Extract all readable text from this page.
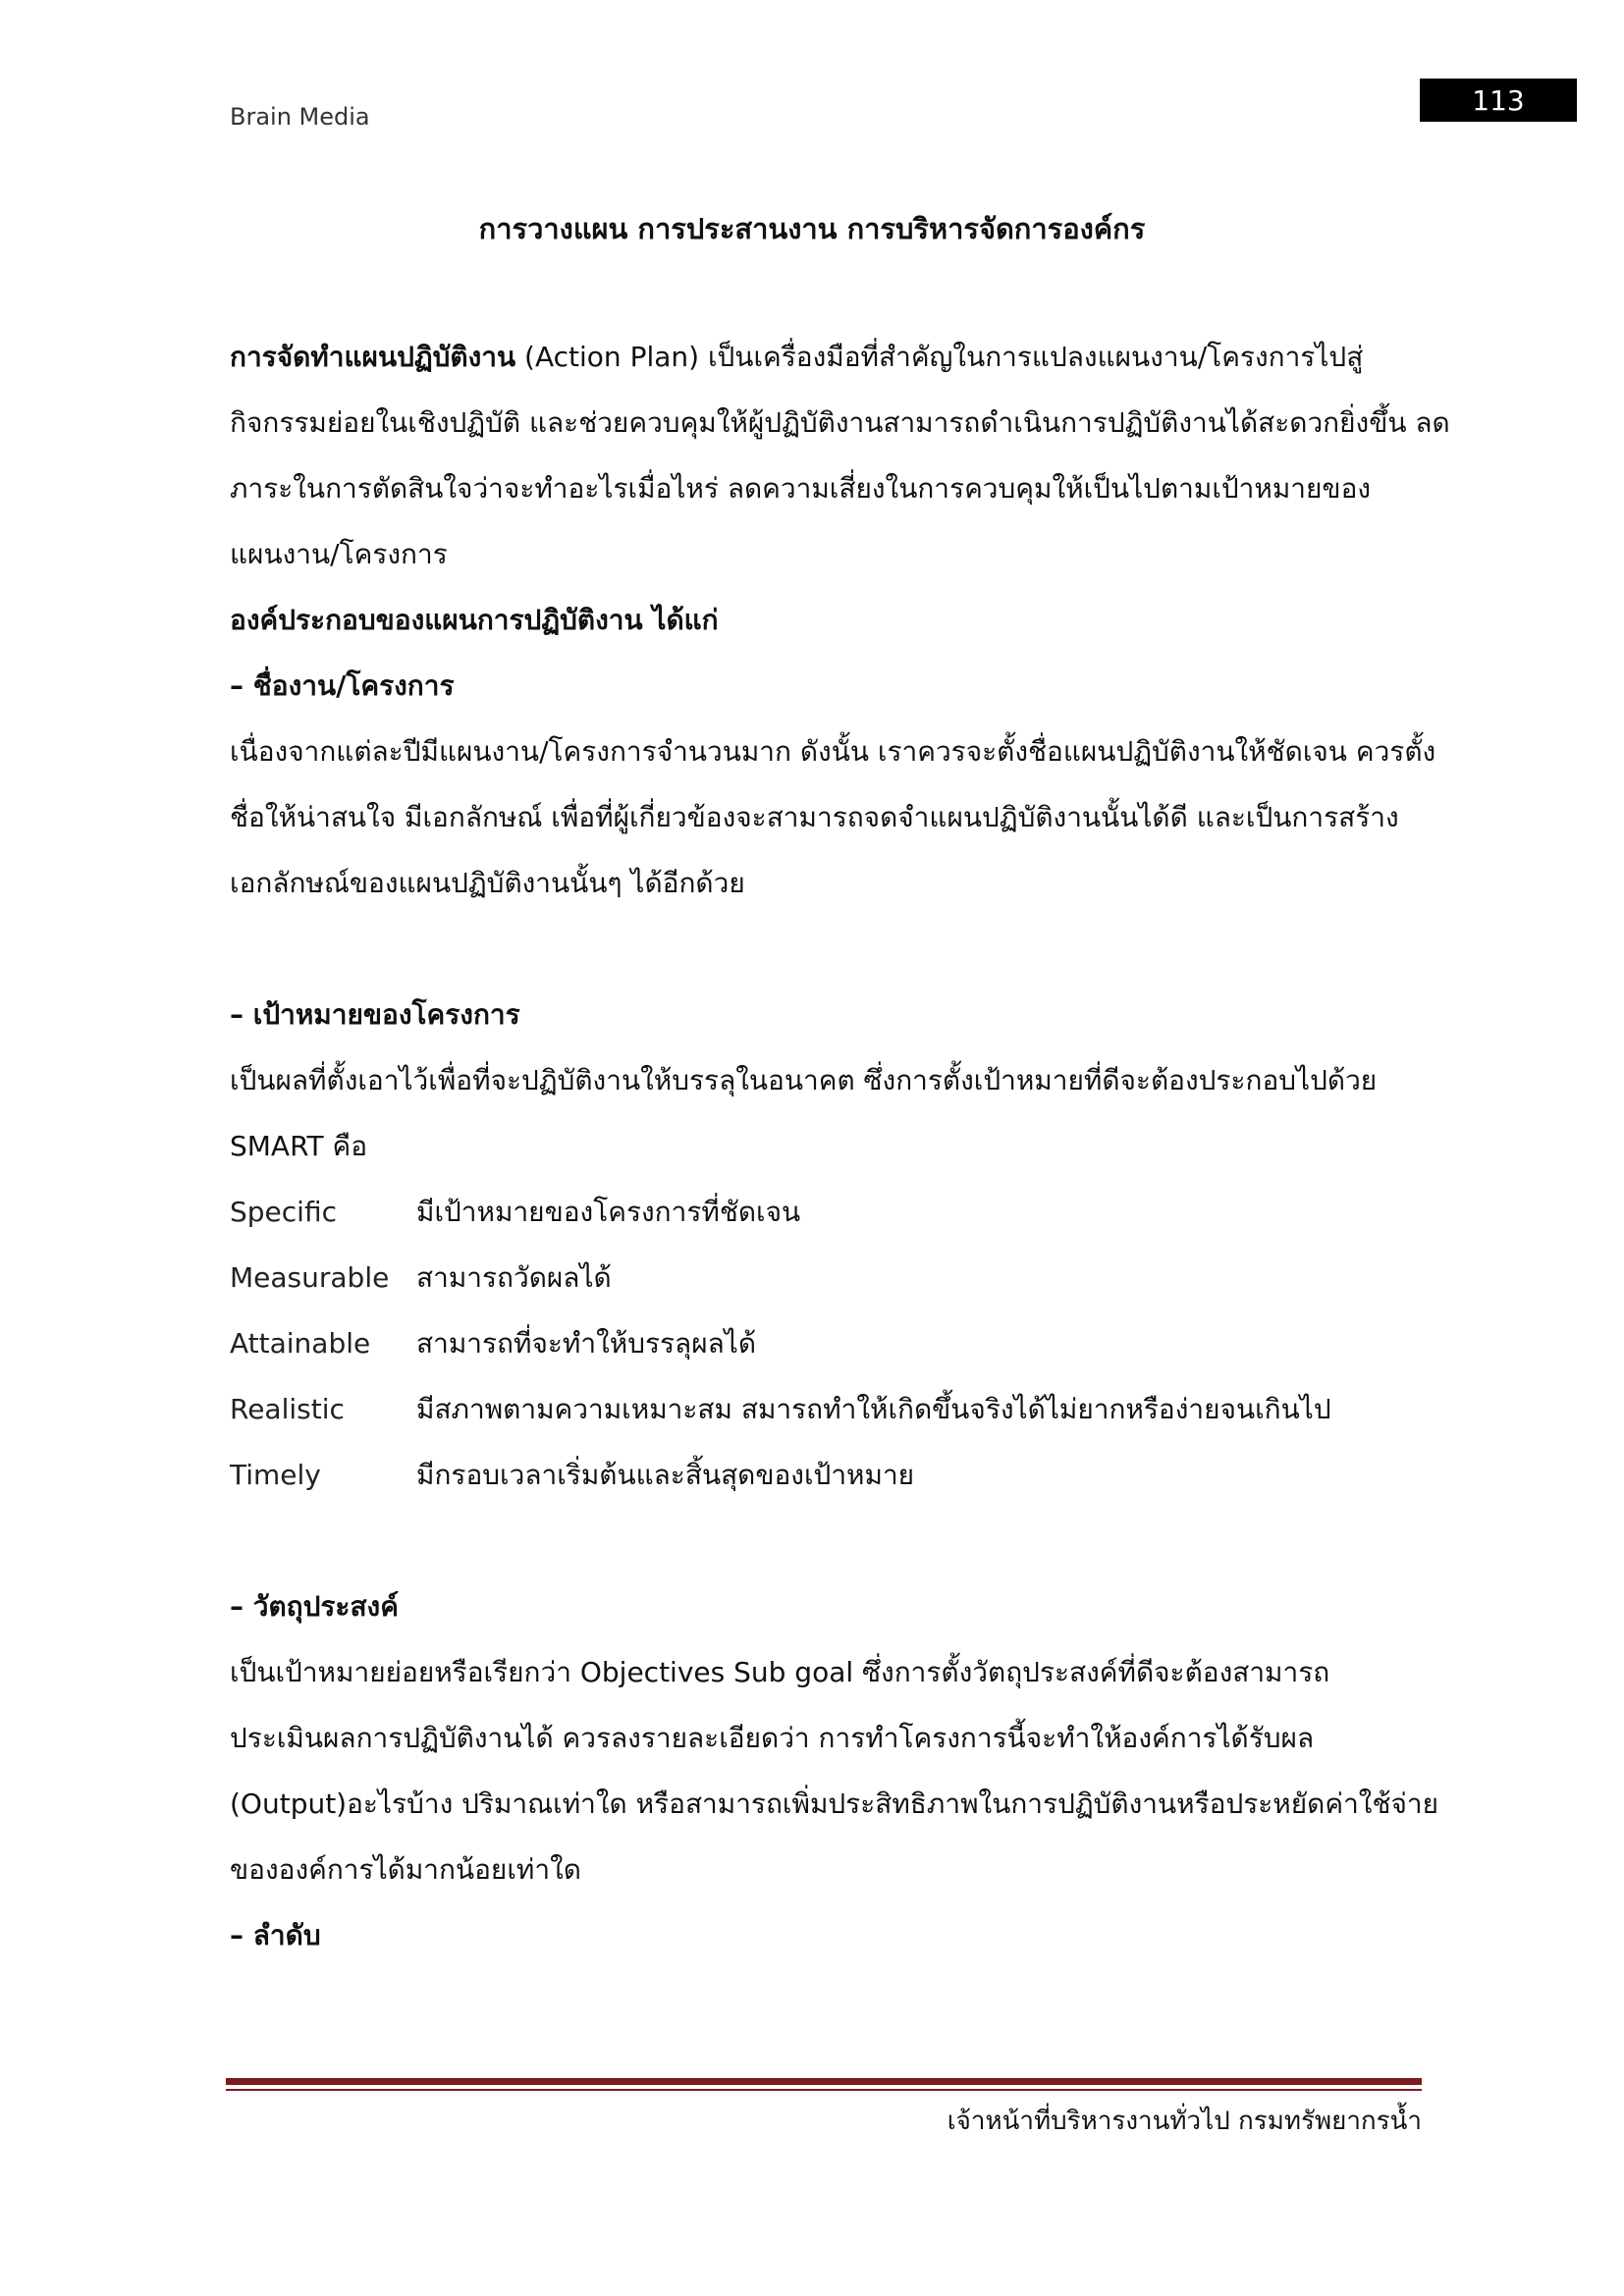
Brain Media
113
การวางแผน การประสานงาน การบริหารจัดการองค์กร
การจัดทำแผนปฏิบัติงาน (Action Plan) เป็นเครื่องมือที่สำคัญในการแปลงแผนงาน/โครงการไปสู่
กิจกรรมย่อยในเชิงปฏิบัติ และช่วยควบคุมให้ผู้ปฏิบัติงานสามารถดำเนินการปฏิบัติงานได้สะดวกยิ่งขึ้น ลด
ภาระในการตัดสินใจว่าจะทำอะไรเมื่อไหร่ ลดความเสี่ยงในการควบคุมให้เป็นไปตามเป้าหมายของ
แผนงาน/โครงการ
องค์ประกอบของแผนการปฏิบัติงาน ได้แก่
– ชื่องาน/โครงการ
เนื่องจากแต่ละปีมีแผนงาน/โครงการจำนวนมาก ดังนั้น เราควรจะตั้งชื่อแผนปฏิบัติงานให้ชัดเจน ควรตั้ง
ชื่อให้น่าสนใจ มีเอกลักษณ์ เพื่อที่ผู้เกี่ยวข้องจะสามารถจดจำแผนปฏิบัติงานนั้นได้ดี และเป็นการสร้าง
เอกลักษณ์ของแผนปฏิบัติงานนั้นๆ ได้อีกด้วย
– เป้าหมายของโครงการ
เป็นผลที่ตั้งเอาไว้เพื่อที่จะปฏิบัติงานให้บรรลุในอนาคต ซึ่งการตั้งเป้าหมายที่ดีจะต้องประกอบไปด้วย
SMART คือ
Specific	มีเป้าหมายของโครงการที่ชัดเจน
Measurable สามารถวัดผลได้
Attainable	สามารถที่จะทำให้บรรลุผลได้
Realistic	มีสภาพตามความเหมาะสม สมารถทำให้เกิดขึ้นจริงได้ไม่ยากหรือง่ายจนเกินไป
Timely	มีกรอบเวลาเริ่มต้นและสิ้นสุดของเป้าหมาย
– วัตถุประสงค์
เป็นเป้าหมายย่อยหรือเรียกว่า Objectives Sub goal ซึ่งการตั้งวัตถุประสงค์ที่ดีจะต้องสามารถ
ประเมินผลการปฏิบัติงานได้ ควรลงรายละเอียดว่า การทำโครงการนี้จะทำให้องค์การได้รับผล
(Output)อะไรบ้าง ปริมาณเท่าใด หรือสามารถเพิ่มประสิทธิภาพในการปฏิบัติงานหรือประหยัดค่าใช้จ่าย
ขององค์การได้มากน้อยเท่าใด
– ลำดับ
เจ้าหน้าที่บริหารงานทั่วไป กรมทรัพยากรน้ำ
